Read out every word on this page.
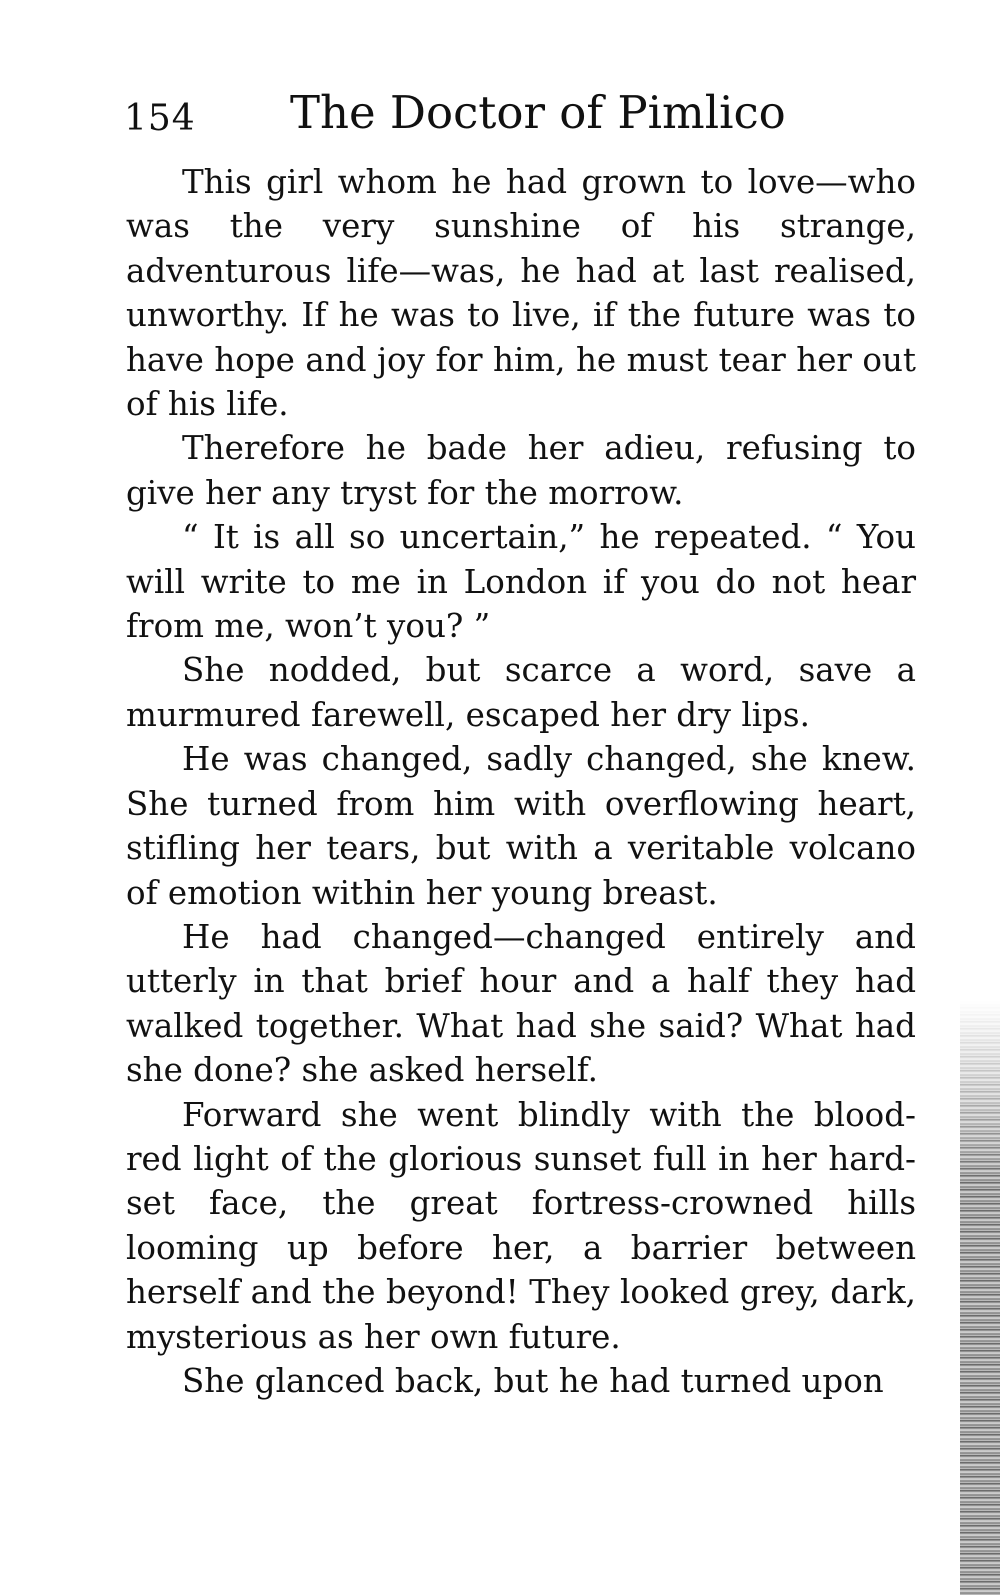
154 The Doctor of Pimlico

This girl whom he had grown to love—who was the very sunshine of his strange, adventurous life—was, he had at last realised, unworthy. If he was to live, if the future was to have hope and joy for him, he must tear her out of his life.

Therefore he bade her adieu, refusing to give her any tryst for the morrow.

“ It is all so uncertain,” he repeated. “ You will write to me in London if you do not hear from me, won’t you? ”

She nodded, but scarce a word, save a murmured farewell, escaped her dry lips.

He was changed, sadly changed, she knew. She turned from him with overflowing heart, stifling her tears, but with a veritable volcano of emotion within her young breast.

He had changed—changed entirely and utterly in that brief hour and a half they had walked together. What had she said? What had she done? she asked herself.

Forward she went blindly with the blood-red light of the glorious sunset full in her hard-set face, the great fortress-crowned hills looming up before her, a barrier between herself and the beyond! They looked grey, dark, mysterious as her own future.

She glanced back, but he had turned upon
